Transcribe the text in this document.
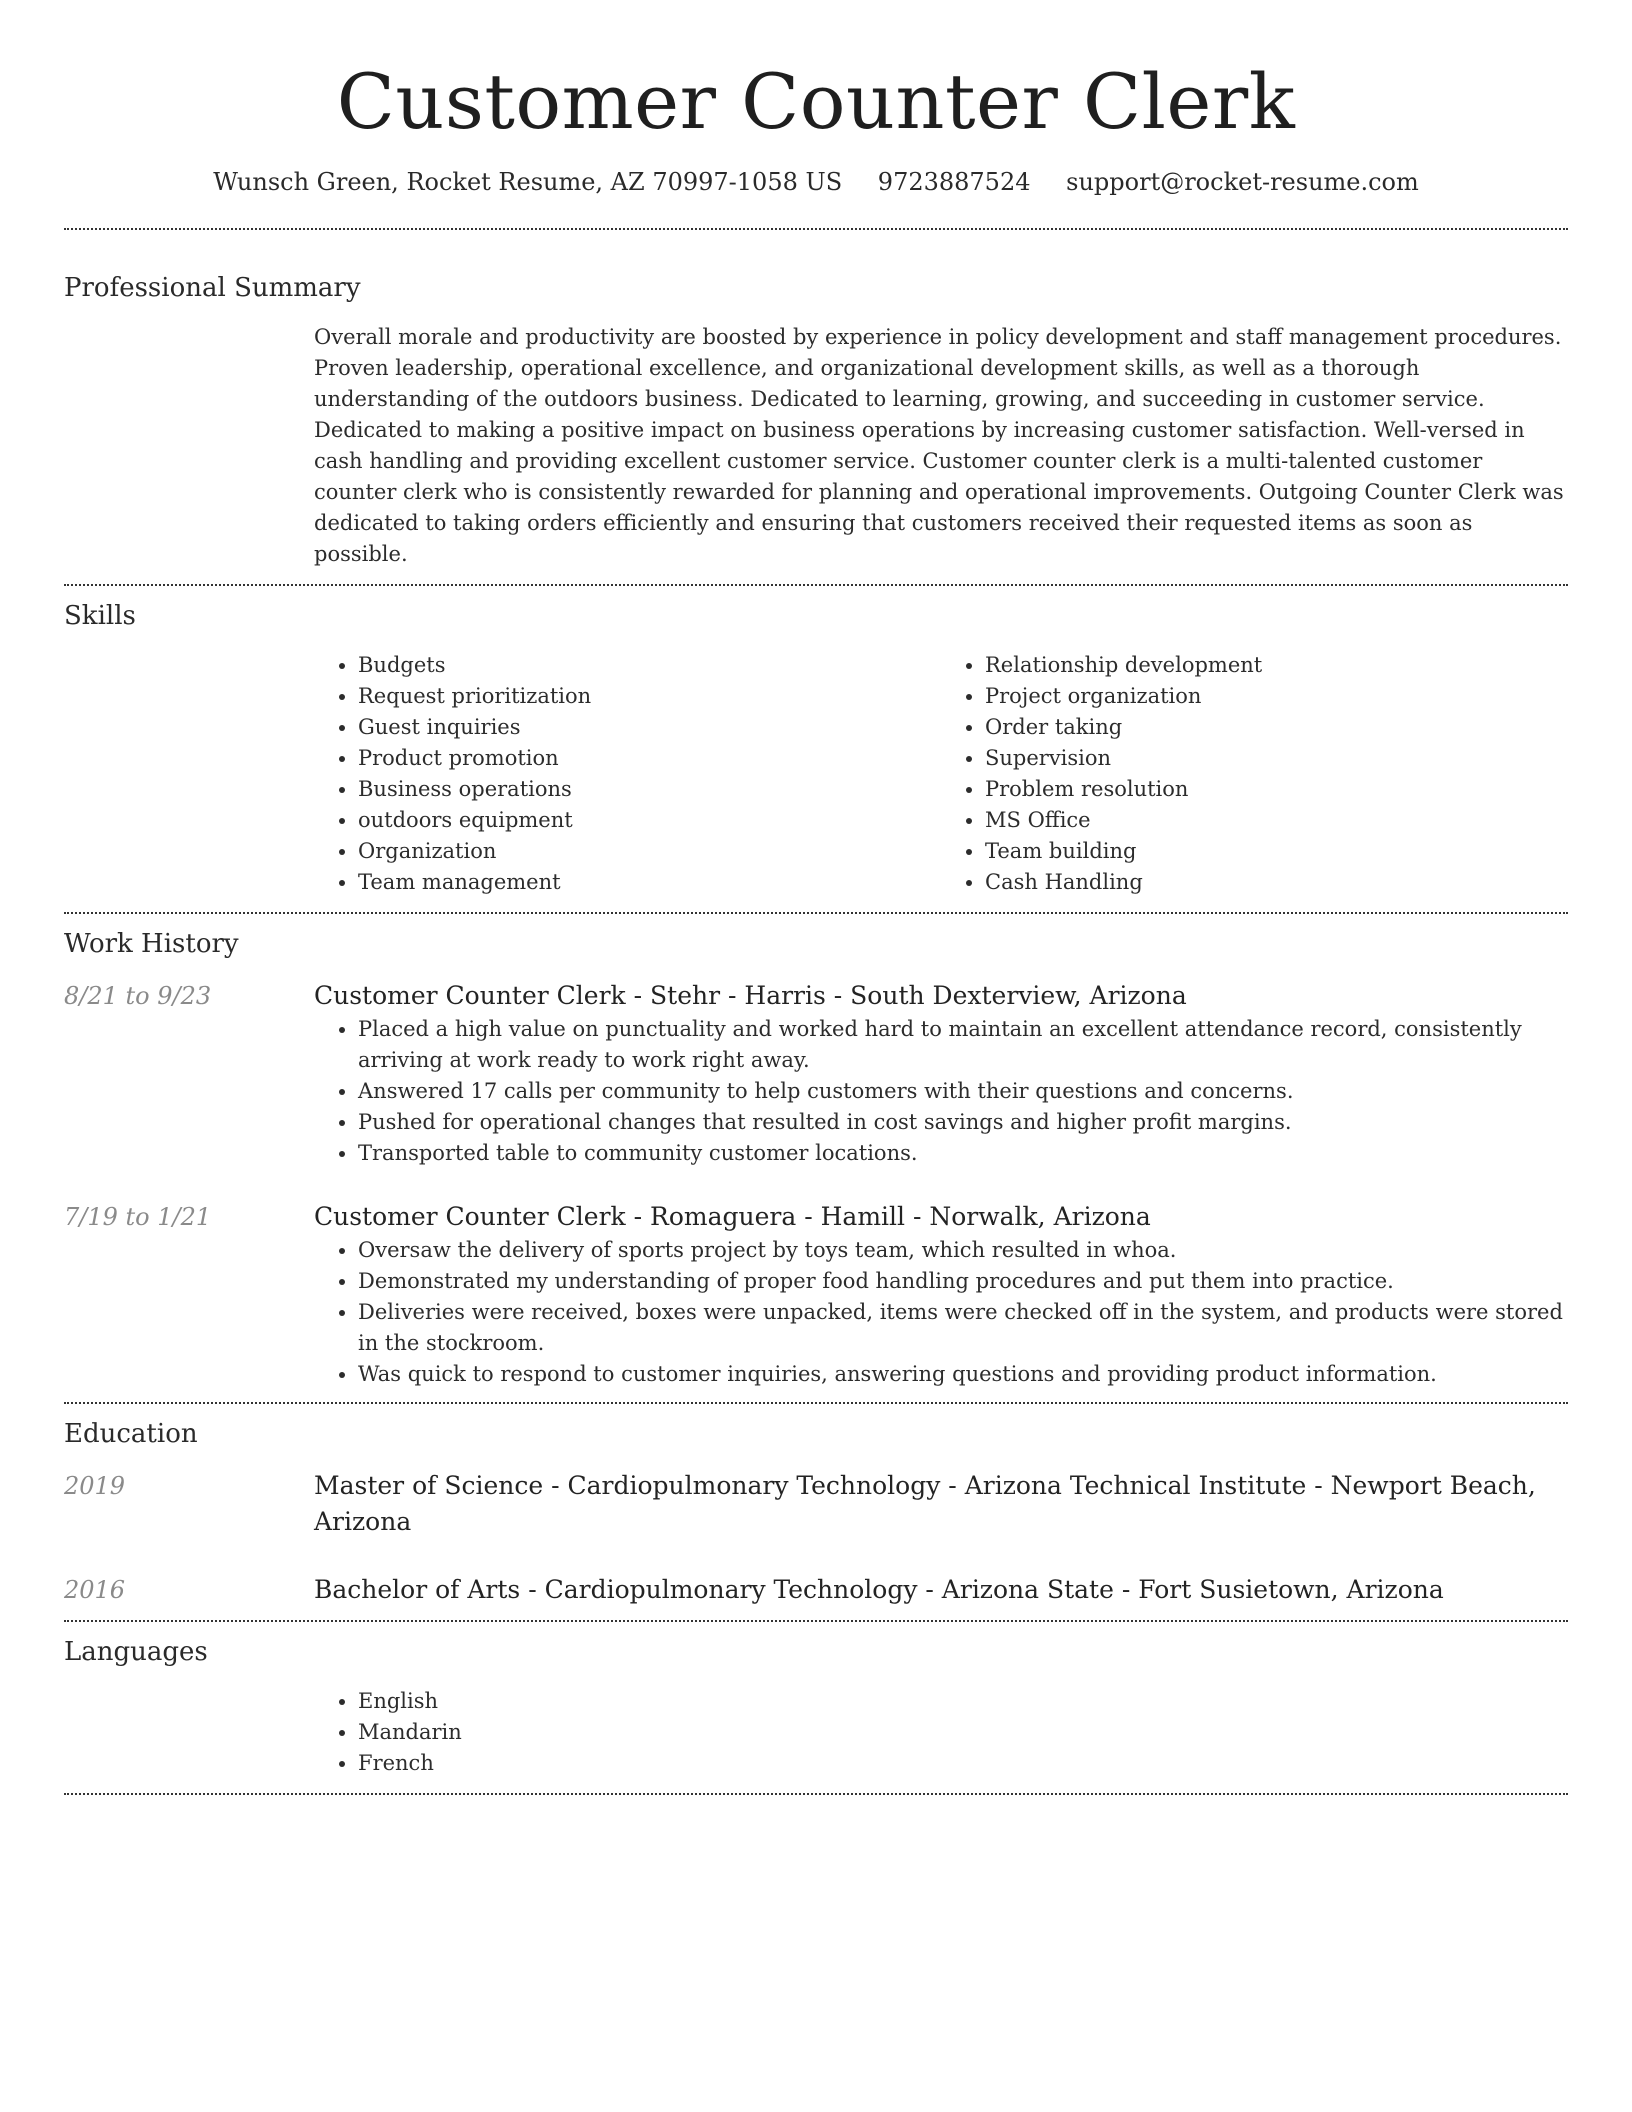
Customer Counter Clerk
Wunsch Green, Rocket Resume, AZ 70997-1058 US 9723887524 support@rocket-resume.com
Professional Summary
Overall morale and productivity are boosted by experience in policy development and staff management procedures. Proven leadership, operational excellence, and organizational development skills, as well as a thorough understanding of the outdoors business. Dedicated to learning, growing, and succeeding in customer service. Dedicated to making a positive impact on business operations by increasing customer satisfaction. Well-versed in cash handling and providing excellent customer service. Customer counter clerk is a multi-talented customer counter clerk who is consistently rewarded for planning and operational improvements. Outgoing Counter Clerk was dedicated to taking orders efficiently and ensuring that customers received their requested items as soon as possible.
Skills
• Budgets
• Request prioritization
• Guest inquiries
• Product promotion
• Business operations
• outdoors equipment
• Organization
• Team management
• Relationship development
• Project organization
• Order taking
• Supervision
• Problem resolution
• MS Office
• Team building
• Cash Handling
Work History
8/21 to 9/23	Customer Counter Clerk - Stehr - Harris - South Dexterview, Arizona
• Placed a high value on punctuality and worked hard to maintain an excellent attendance record, consistently arriving at work ready to work right away.
• Answered 17 calls per community to help customers with their questions and concerns.
• Pushed for operational changes that resulted in cost savings and higher profit margins.
• Transported table to community customer locations.
7/19 to 1/21	Customer Counter Clerk - Romaguera - Hamill - Norwalk, Arizona
• Oversaw the delivery of sports project by toys team, which resulted in whoa.
• Demonstrated my understanding of proper food handling procedures and put them into practice.
• Deliveries were received, boxes were unpacked, items were checked off in the system, and products were stored in the stockroom.
• Was quick to respond to customer inquiries, answering questions and providing product information.
Education
2019	Master of Science - Cardiopulmonary Technology - Arizona Technical Institute - Newport Beach, Arizona
2016	Bachelor of Arts - Cardiopulmonary Technology - Arizona State - Fort Susietown, Arizona
Languages
• English
• Mandarin
• French
